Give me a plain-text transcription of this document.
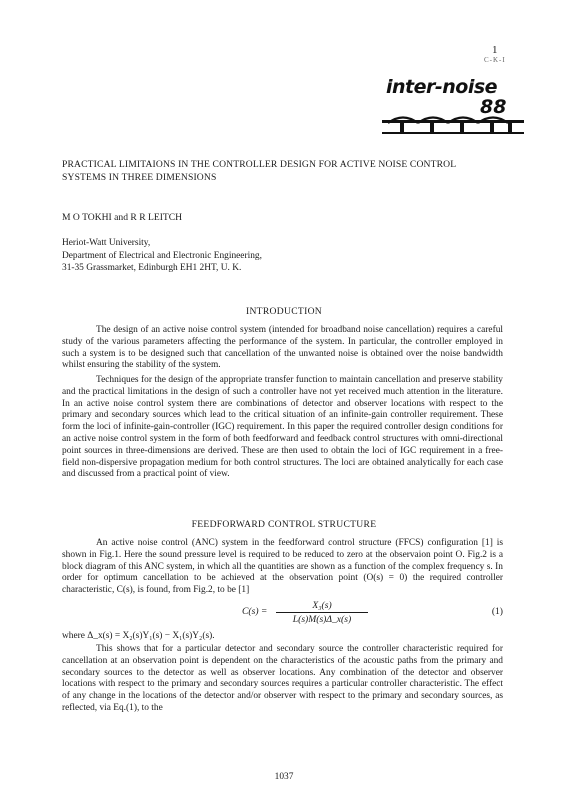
1
C-K-I
inter-noise
88
PRACTICAL LIMITAIONS IN THE CONTROLLER DESIGN FOR ACTIVE NOISE CONTROL SYSTEMS IN THREE DIMENSIONS
M O TOKHI and R R LEITCH
Heriot-Watt University,
Department of Electrical and Electronic Engineering,
31-35 Grassmarket, Edinburgh EH1 2HT, U. K.
INTRODUCTION

The design of an active noise control system (intended for broadband noise cancellation) requires a careful study of the various parameters affecting the performance of the system. In particular, the controller employed in such a system is to be designed such that cancellation of the unwanted noise is obtained over the noise bandwidth whilst ensuring the stability of the system.

Techniques for the design of the appropriate transfer function to maintain cancellation and preserve stability and the practical limitations in the design of such a controller have not yet received much attention in the literature. In an active noise control system there are combinations of detector and observer locations with respect to the primary and secondary sources which lead to the critical situation of an infinite-gain controller requirement. These form the loci of infinite-gain-controller (IGC) requirement. In this paper the required controller design conditions for an active noise control system in the form of both feedforward and feedback control structures with omni-directional point sources in three-dimensions are derived. These are then used to obtain the loci of IGC requirement in a free-field non-dispersive propagation medium for both control structures. The loci are obtained analytically for each case and discussed from a practical point of view.

FEEDFORWARD CONTROL STRUCTURE

An active noise control (ANC) system in the feedforward control structure (FFCS) configuration [1] is shown in Fig.1. Here the sound pressure level is required to be reduced to zero at the observaion point O. Fig.2 is a block diagram of this ANC system, in which all the quantities are shown as a function of the complex frequency s. In order for optimum cancellation to be achieved at the observation point (O(s) = 0) the required controller characteristic, C(s), is found, from Fig.2, to be [1]

$C(s) = \frac{\text{X₃(s)}}{L(s)M(s)\Delta\_x(s)}$	(1)
where Δ_x(s) = X₂(s)Y₁(s) − X₁(s)Y₂(s).

This shows that for a particular detector and secondary source the controller characteristic required for cancellation at an observation point is dependent on the characteristics of the acoustic paths from the primary and secondary sources to the detector as well as observer locations. Any combination of the detector and observer locations with respect to the primary and secondary sources requires a particular controller characteristic. The effect of any change in the locations of the detector and/or observer with respect to the primary and secondary sources, as reflected, via Eq.(1), to the

1037
